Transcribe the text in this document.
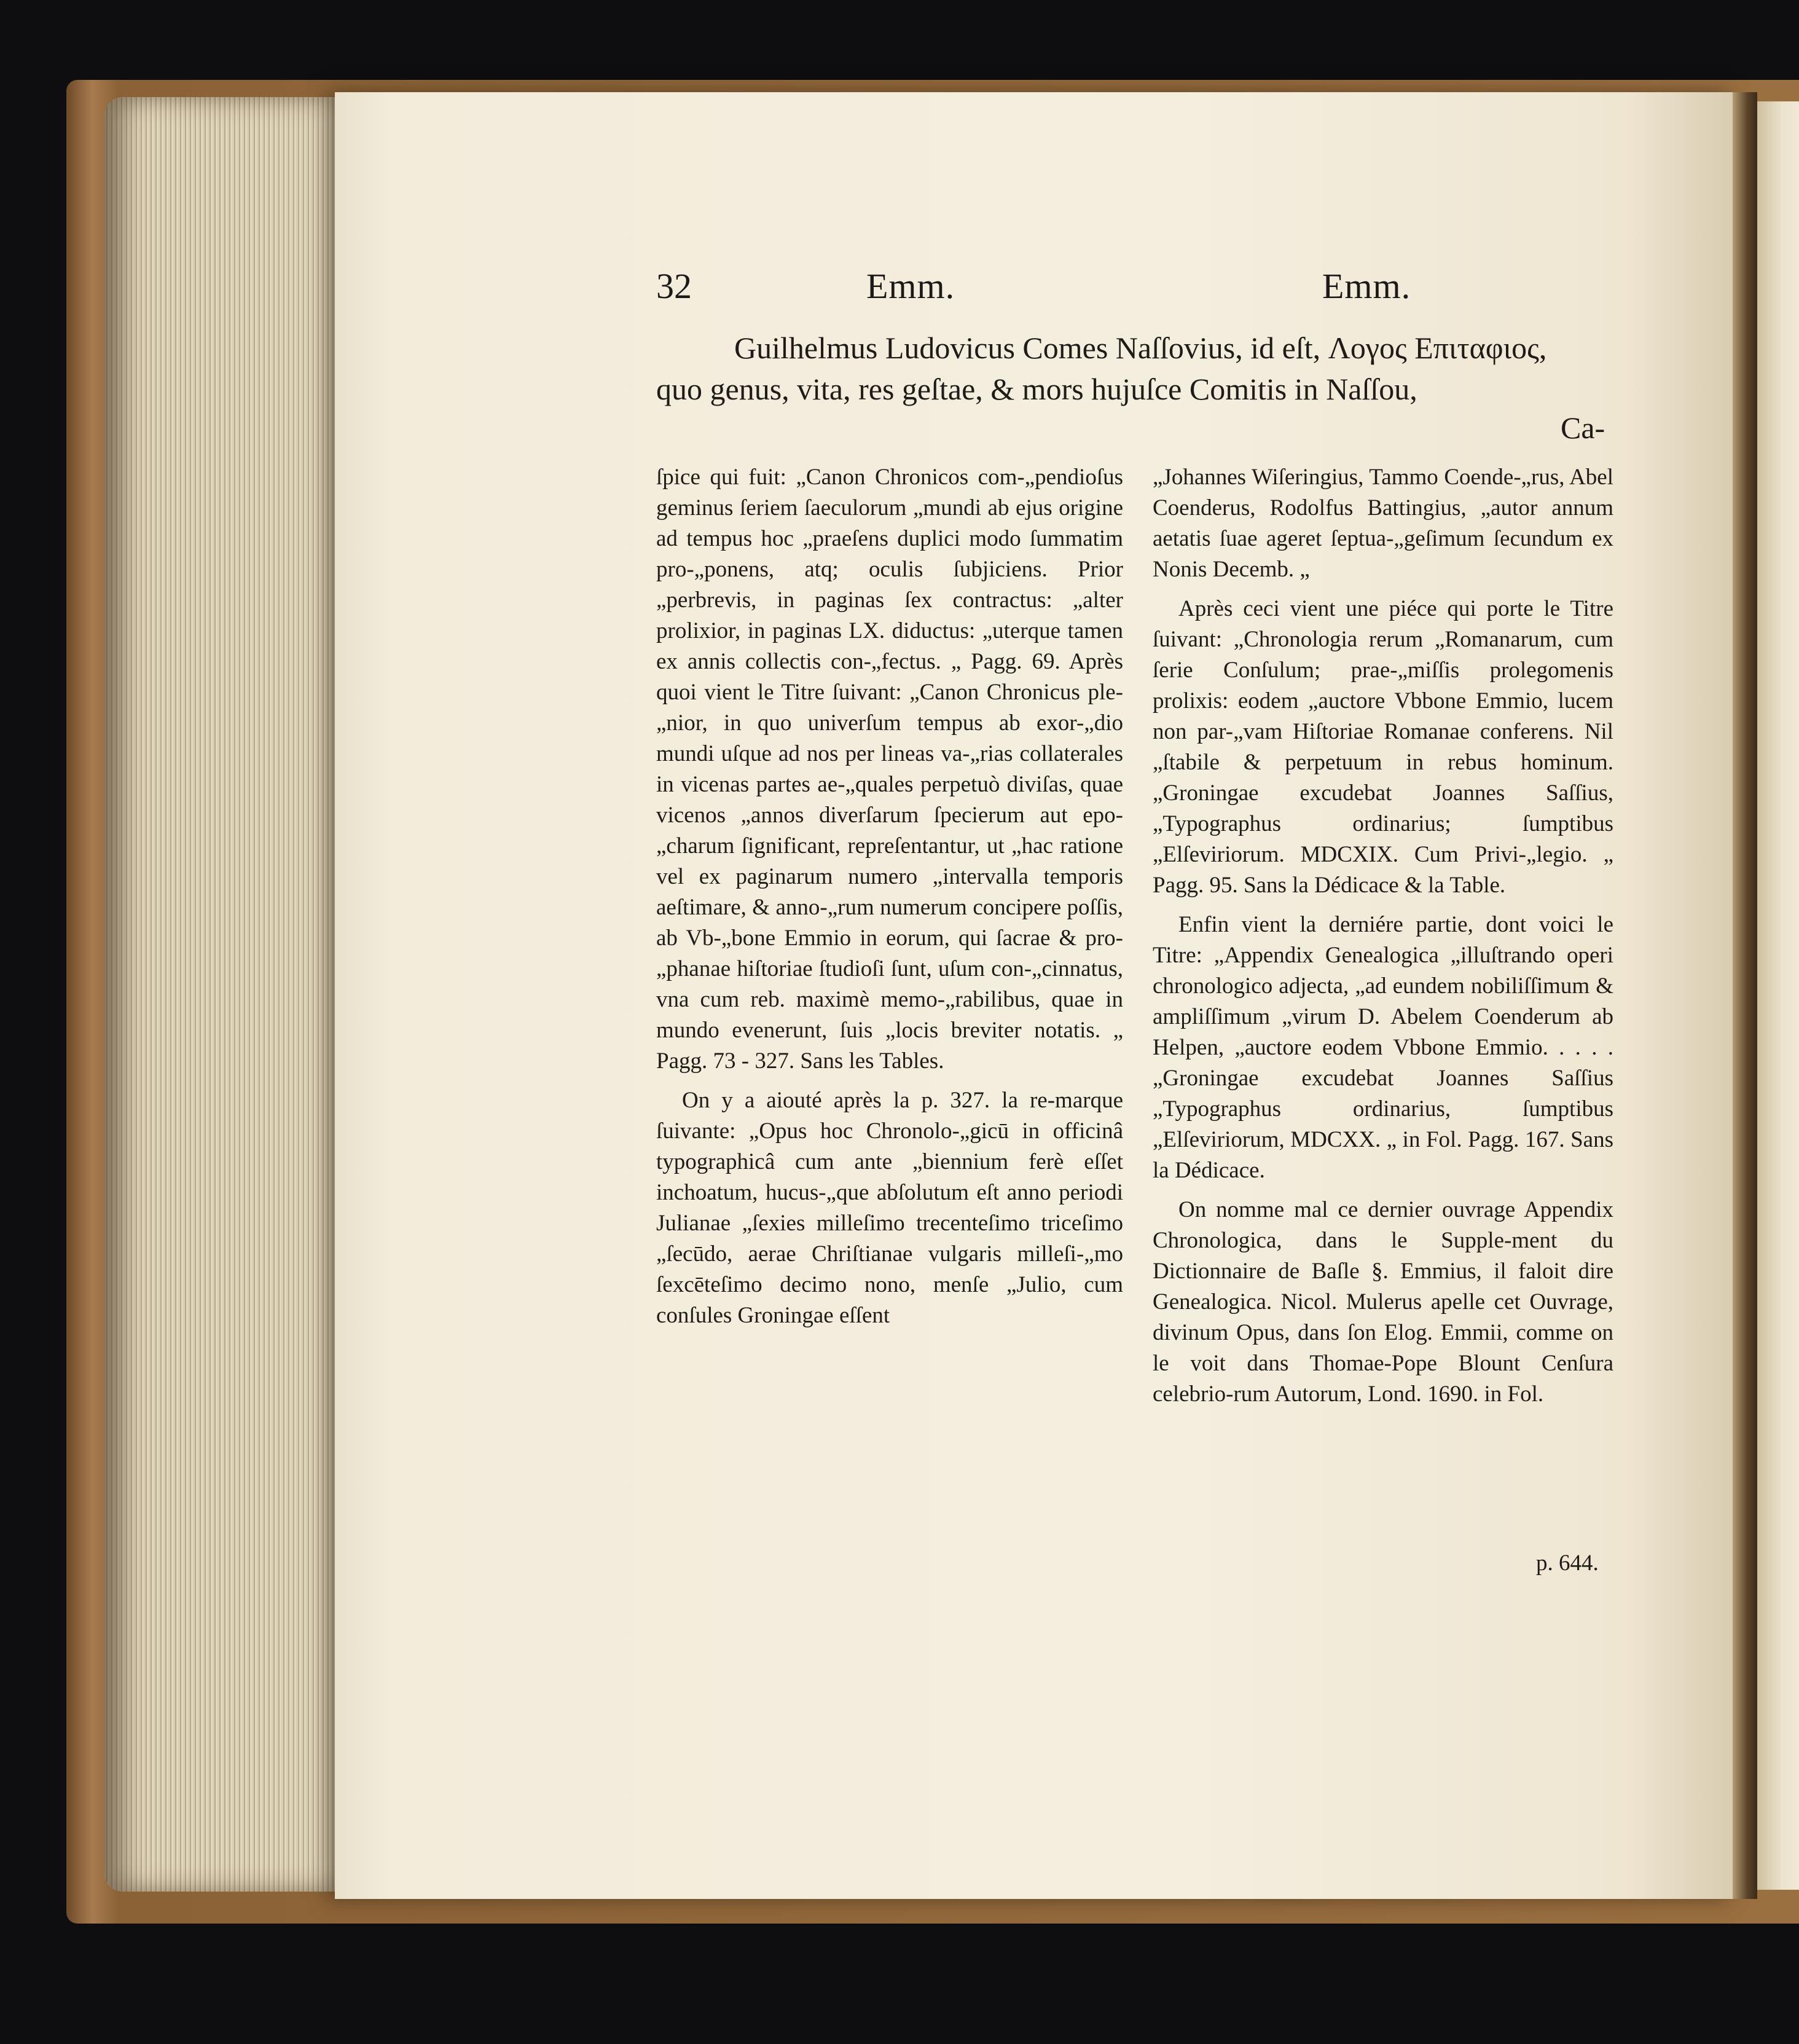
32	Emm.	Emm.
Guilhelmus Ludovicus Comes Naſſovius, id eſt, Λογος Επιταφιος,
quo genus, vita, res geſtae, & mors hujuſce Comitis in Naſſou,
Ca-

ſpice qui fuit: „Canon Chronicos com-„pendioſus geminus ſeriem ſaeculorum „mundi ab ejus origine ad tempus hoc „praeſens duplici modo ſummatim pro-„ponens, atq; oculis ſubjiciens. Prior „perbrevis, in paginas ſex contractus: „alter prolixior, in paginas LX. diductus: „uterque tamen ex annis collectis con-„fectus. „ Pagg. 69. Après quoi vient le Titre ſuivant: „Canon Chronicus ple-„nior, in quo univerſum tempus ab exor-„dio mundi uſque ad nos per lineas va-„rias collaterales in vicenas partes ae-„quales perpetuò diviſas, quae vicenos „annos diverſarum ſpecierum aut epo-„charum ſignificant, repreſentantur, ut „hac ratione vel ex paginarum numero „intervalla temporis aeſtimare, & anno-„rum numerum concipere poſſis, ab Vb-„bone Emmio in eorum, qui ſacrae & pro-„phanae hiſtoriae ſtudioſi ſunt, uſum con-„cinnatus, vna cum reb. maximè memo-„rabilibus, quae in mundo evenerunt, ſuis „locis breviter notatis. „ Pagg. 73 - 327. Sans les Tables.

On y a aiouté après la p. 327. la re-marque ſuivante: „Opus hoc Chronolo-„gicū in officinâ typographicâ cum ante „biennium ferè eſſet inchoatum, hucus-„que abſolutum eſt anno periodi Julianae „ſexies milleſimo trecenteſimo triceſimo „ſecūdo, aerae Chriſtianae vulgaris milleſi-„mo ſexcēteſimo decimo nono, menſe „Julio, cum conſules Groningae eſſent

„Johannes Wiſeringius, Tammo Coende-„rus, Abel Coenderus, Rodolfus Battingius, „autor annum aetatis ſuae ageret ſeptua-„geſimum ſecundum ex Nonis Decemb. „

Après ceci vient une piéce qui porte le Titre ſuivant: „Chronologia rerum „Romanarum, cum ſerie Conſulum; prae-„miſſis prolegomenis prolixis: eodem „auctore Vbbone Emmio, lucem non par-„vam Hiſtoriae Romanae conferens. Nil „ſtabile & perpetuum in rebus hominum. „Groningae excudebat Joannes Saſſius, „Typographus ordinarius; ſumptibus „Elſeviriorum. MDCXIX. Cum Privi-„legio. „ Pagg. 95. Sans la Dédicace & la Table.

Enfin vient la derniére partie, dont voici le Titre: „Appendix Genealogica „illuſtrando operi chronologico adjecta, „ad eundem nobiliſſimum & ampliſſimum „virum D. Abelem Coenderum ab Helpen, „auctore eodem Vbbone Emmio. . . . . „Groningae excudebat Joannes Saſſius „Typographus ordinarius, ſumptibus „Elſeviriorum, MDCXX. „ in Fol. Pagg. 167. Sans la Dédicace.

On nomme mal ce dernier ouvrage Appendix Chronologica, dans le Supple-ment du Dictionnaire de Baſle §. Emmius, il faloit dire Genealogica. Nicol. Mulerus apelle cet Ouvrage, divinum Opus, dans ſon Elog. Emmii, comme on le voit dans Thomae-Pope Blount Cenſura celebrio-rum Autorum, Lond. 1690. in Fol.

p. 644.
